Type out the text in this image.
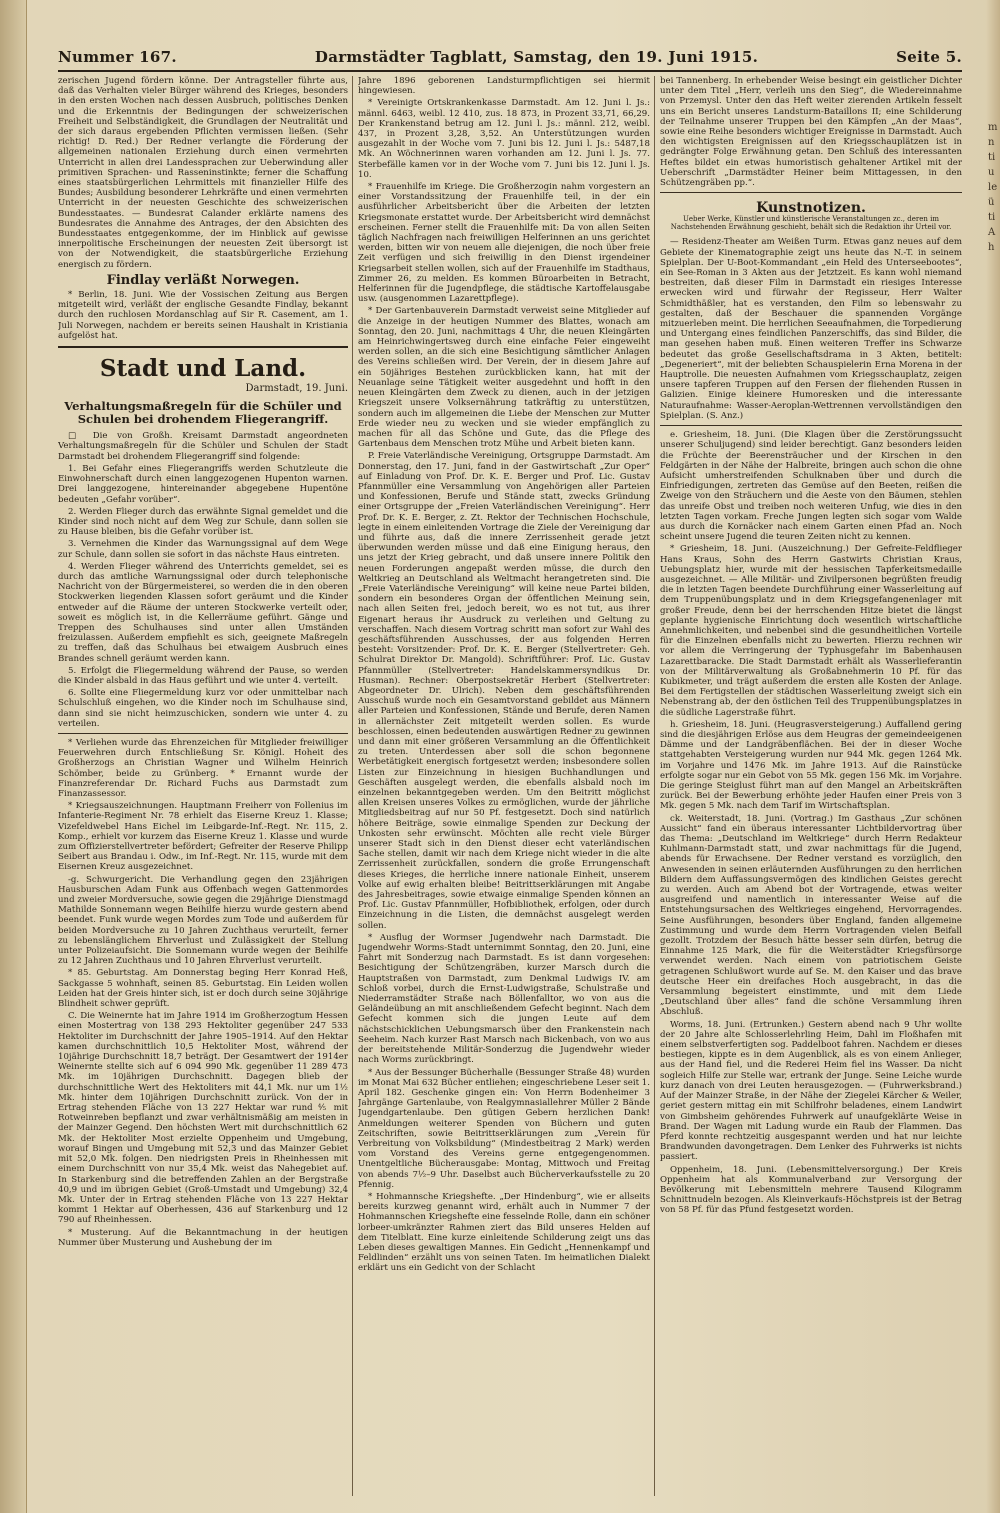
m
n
ti
u
le
ü
ti
A
h
Nummer 167.	Darmstädter Tagblatt, Samstag, den 19. Juni 1915.	Seite 5.

zerischen Jugend fördern könne. Der Antragsteller führte aus, daß das Verhalten vieler Bürger während des Krieges, besonders in den ersten Wochen nach dessen Ausbruch, politisches Denken und die Erkenntnis der Bedingungen der schweizerischen Freiheit und Selbständigkeit, die Grundlagen der Neutralität und der sich daraus ergebenden Pflichten vermissen ließen. (Sehr richtig! D. Red.) Der Redner verlangte die Förderung der allgemeinen nationalen Erziehung durch einen vermehrten Unterricht in allen drei Landessprachen zur Ueberwindung aller primitiven Sprachen- und Rasseninstinkte; ferner die Schaffung eines staatsbürgerlichen Lehrmittels mit finanzieller Hilfe des Bundes; Ausbildung besonderer Lehrkräfte und einen vermehrten Unterricht in der neuesten Geschichte des schweizerischen Bundesstaates. — Bundesrat Calander erklärte namens des Bundesrates die Annahme des Antrages, der den Absichten des Bundesstaates entgegenkomme, der im Hinblick auf gewisse innerpolitische Erscheinungen der neuesten Zeit übersorgt ist von der Notwendigkeit, die staatsbürgerliche Erziehung energisch zu fördern.

Findlay verläßt Norwegen.

* Berlin, 18. Juni. Wie der Vossischen Zeitung aus Bergen mitgeteilt wird, verläßt der englische Gesandte Findlay, bekannt durch den ruchlosen Mordanschlag auf Sir R. Casement, am 1. Juli Norwegen, nachdem er bereits seinen Haushalt in Kristiania aufgelöst hat.

Stadt und Land.
Darmstadt, 19. Juni.
Verhaltungsmaßregeln für die Schüler und Schulen bei drohendem Fliegerangriff.

□ Die von Großh. Kreisamt Darmstadt angeordneten Verhaltungsmaßregeln für die Schüler und Schulen der Stadt Darmstadt bei drohendem Fliegerangriff sind folgende:

1. Bei Gefahr eines Fliegerangriffs werden Schutzleute die Einwohnerschaft durch einen langgezogenen Hupenton warnen. Drei langgezogene, hintereinander abgegebene Hupentöne bedeuten „Gefahr vorüber“.

2. Werden Flieger durch das erwähnte Signal gemeldet und die Kinder sind noch nicht auf dem Weg zur Schule, dann sollen sie zu Hause bleiben, bis die Gefahr vorüber ist.

3. Vernehmen die Kinder das Warnungssignal auf dem Wege zur Schule, dann sollen sie sofort in das nächste Haus eintreten.

4. Werden Flieger während des Unterrichts gemeldet, sei es durch das amtliche Warnungssignal oder durch telephonische Nachricht von der Bürgermeisterei, so werden die in den oberen Stockwerken liegenden Klassen sofort geräumt und die Kinder entweder auf die Räume der unteren Stockwerke verteilt oder, soweit es möglich ist, in die Kellerräume geführt. Gänge und Treppen des Schulhauses sind unter allen Umständen freizulassen. Außerdem empfiehlt es sich, geeignete Maßregeln zu treffen, daß das Schulhaus bei etwaigem Ausbruch eines Brandes schnell geräumt werden kann.

5. Erfolgt die Fliegermeldung während der Pause, so werden die Kinder alsbald in das Haus geführt und wie unter 4. verteilt.

6. Sollte eine Fliegermeldung kurz vor oder unmittelbar nach Schulschluß eingehen, wo die Kinder noch im Schulhause sind, dann sind sie nicht heimzuschicken, sondern wie unter 4. zu verteilen.

* Verliehen wurde das Ehrenzeichen für Mitglieder freiwilliger Feuerwehren durch Entschließung Sr. Königl. Hoheit des Großherzogs an Christian Wagner und Wilhelm Heinrich Schömber, beide zu Grünberg. * Ernannt wurde der Finanzreferendar Dr. Richard Fuchs aus Darmstadt zum Finanzassessor.

* Kriegsauszeichnungen. Hauptmann Freiherr von Follenius im Infanterie-Regiment Nr. 78 erhielt das Eiserne Kreuz 1. Klasse; Vizefeldwebel Hans Eichel im Leibgarde-Inf.-Regt. Nr. 115, 2. Komp., erhielt vor kurzem das Eiserne Kreuz 1. Klasse und wurde zum Offizierstellvertreter befördert; Gefreiter der Reserve Philipp Seibert aus Brandau i. Odw., im Inf.-Regt. Nr. 115, wurde mit dem Eisernen Kreuz ausgezeichnet.

-g. Schwurgericht. Die Verhandlung gegen den 23jährigen Hausburschen Adam Funk aus Offenbach wegen Gattenmordes und zweier Mordversuche, sowie gegen die 29jährige Dienstmagd Mathilde Sonnemann wegen Beihilfe hierzu wurde gestern abend beendet. Funk wurde wegen Mordes zum Tode und außerdem für beiden Mordversuche zu 10 Jahren Zuchthaus verurteilt, ferner zu lebenslänglichem Ehrverlust und Zulässigkeit der Stellung unter Polizeiaufsicht. Die Sonnemann wurde wegen der Beihilfe zu 12 Jahren Zuchthaus und 10 Jahren Ehrverlust verurteilt.

* 85. Geburtstag. Am Donnerstag beging Herr Konrad Heß, Sackgasse 5 wohnhaft, seinen 85. Geburtstag. Ein Leiden wollen Leiden hat der Greis hinter sich, ist er doch durch seine 30jährige Blindheit schwer geprüft.

C. Die Weinernte hat im Jahre 1914 im Großherzogtum Hessen einen Mostertrag von 138 293 Hektoliter gegenüber 247 533 Hektoliter im Durchschnitt der Jahre 1905–1914. Auf den Hektar kamen durchschnittlich 10,5 Hektoliter Most, während der 10jährige Durchschnitt 18,7 beträgt. Der Gesamtwert der 1914er Weinernte stellte sich auf 6 094 990 Mk. gegenüber 11 289 473 Mk. im 10jährigen Durchschnitt. Dagegen blieb der durchschnittliche Wert des Hektoliters mit 44,1 Mk. nur um 1½ Mk. hinter dem 10jährigen Durchschnitt zurück. Von der in Ertrag stehenden Fläche von 13 227 Hektar war rund ⅘ mit Rotweinreben bepflanzt und zwar verhältnismäßig am meisten in der Mainzer Gegend. Den höchsten Wert mit durchschnittlich 62 Mk. der Hektoliter Most erzielte Oppenheim und Umgebung, worauf Bingen und Umgebung mit 52,3 und das Mainzer Gebiet mit 52,0 Mk. folgen. Den niedrigsten Preis in Rheinhessen mit einem Durchschnitt von nur 35,4 Mk. weist das Nahegebiet auf. In Starkenburg sind die betreffenden Zahlen an der Bergstraße 40,9 und im übrigen Gebiet (Groß-Umstadt und Umgebung) 32,4 Mk. Unter der in Ertrag stehenden Fläche von 13 227 Hektar kommt 1 Hektar auf Oberhessen, 436 auf Starkenburg und 12 790 auf Rheinhessen.

* Musterung. Auf die Bekanntmachung in der heutigen Nummer über Musterung und Aushebung der im

Jahre 1896 geborenen Landsturmpflichtigen sei hiermit hingewiesen.

* Vereinigte Ortskrankenkasse Darmstadt. Am 12. Juni l. Js.: männl. 6463, weibl. 12 410, zus. 18 873, in Prozent 33,71, 66,29. Der Krankenstand betrug am 12. Juni l. Js.: männl. 212, weibl. 437, in Prozent 3,28, 3,52. An Unterstützungen wurden ausgezahlt in der Woche vom 7. Juni bis 12. Juni l. Js.: 5487,18 Mk. An Wöchnerinnen waren vorhanden am 12. Juni l. Js. 77. Sterbefälle kamen vor in der Woche vom 7. Juni bis 12. Juni l. Js. 10.

* Frauenhilfe im Kriege. Die Großherzogin nahm vorgestern an einer Vorstandssitzung der Frauenhilfe teil, in der ein ausführlicher Arbeitsbericht über die Arbeiten der letzten Kriegsmonate erstattet wurde. Der Arbeitsbericht wird demnächst erscheinen. Ferner stellt die Frauenhilfe mit: Da von allen Seiten täglich Nachfragen nach freiwilligen Helferinnen an uns gerichtet werden, bitten wir von neuem alle diejenigen, die noch über freie Zeit verfügen und sich freiwillig in den Dienst irgendeiner Kriegsarbeit stellen wollen, sich auf der Frauenhilfe im Stadthaus, Zimmer 26, zu melden. Es kommen Büroarbeiten in Betracht, Helferinnen für die Jugendpflege, die städtische Kartoffelausgabe usw. (ausgenommen Lazarettpflege).

* Der Gartenbauverein Darmstadt verweist seine Mitglieder auf die Anzeige in der heutigen Nummer des Blattes, wonach am Sonntag, den 20. Juni, nachmittags 4 Uhr, die neuen Kleingärten am Heinrichwingertsweg durch eine einfache Feier eingeweiht werden sollen, an die sich eine Besichtigung sämtlicher Anlagen des Vereins schließen wird. Der Verein, der in diesem Jahre auf ein 50jähriges Bestehen zurückblicken kann, hat mit der Neuanlage seine Tätigkeit weiter ausgedehnt und hofft in den neuen Kleingärten dem Zweck zu dienen, auch in der jetzigen Kriegszeit unsere Volksernährung tatkräftig zu unterstützen, sondern auch im allgemeinen die Liebe der Menschen zur Mutter Erde wieder neu zu wecken und sie wieder empfänglich zu machen für all das Schöne und Gute, das die Pflege des Gartenbaus dem Menschen trotz Mühe und Arbeit bieten kann.

P. Freie Vaterländische Vereinigung, Ortsgruppe Darmstadt. Am Donnerstag, den 17. Juni, fand in der Gastwirtschaft „Zur Oper“ auf Einladung von Prof. Dr. K. E. Berger und Prof. Lic. Gustav Pfannmüller eine Versammlung von Angehörigen aller Parteien und Konfessionen, Berufe und Stände statt, zwecks Gründung einer Ortsgruppe der „Freien Vaterländischen Vereinigung“. Herr Prof. Dr. K. E. Berger, z. Zt. Rektor der Technischen Hochschule, legte in einem einleitenden Vortrage die Ziele der Vereinigung dar und führte aus, daß die innere Zerrissenheit gerade jetzt überwunden werden müsse und daß eine Einigung heraus, den uns jetzt der Krieg gebracht, und daß unsere innere Politik den neuen Forderungen angepaßt werden müsse, die durch den Weltkrieg an Deutschland als Weltmacht herangetreten sind. Die „Freie Vaterländische Vereinigung“ will keine neue Partei bilden, sondern ein besonderes Organ der öffentlichen Meinung sein, nach allen Seiten frei, jedoch bereit, wo es not tut, aus ihrer Eigenart heraus ihr Ausdruck zu verleihen und Geltung zu verschaffen. Nach diesem Vortrag schritt man sofort zur Wahl des geschäftsführenden Ausschusses, der aus folgenden Herren besteht: Vorsitzender: Prof. Dr. K. E. Berger (Stellvertreter: Geh. Schulrat Direktor Dr. Mangold). Schriftführer: Prof. Lic. Gustav Pfannmüller (Stellvertreter: Handelskammersyndikus Dr. Husman). Rechner: Oberpostsekretär Herbert (Stellvertreter: Abgeordneter Dr. Ulrich). Neben dem geschäftsführenden Ausschuß wurde noch ein Gesamtvorstand gebildet aus Männern aller Parteien und Konfessionen, Stände und Berufe, deren Namen in allernächster Zeit mitgeteilt werden sollen. Es wurde beschlossen, einen bedeutenden auswärtigen Redner zu gewinnen und dann mit einer größeren Versammlung an die Öffentlichkeit zu treten. Unterdessen aber soll die schon begonnene Werbetätigkeit energisch fortgesetzt werden; insbesondere sollen Listen zur Einzeichnung in hiesigen Buchhandlungen und Geschäften ausgelegt werden, die ebenfalls alsbald noch im einzelnen bekanntgegeben werden. Um den Beitritt möglichst allen Kreisen unseres Volkes zu ermöglichen, wurde der jährliche Mitgliedsbeitrag auf nur 50 Pf. festgesetzt. Doch sind natürlich höhere Beiträge, sowie einmalige Spenden zur Deckung der Unkosten sehr erwünscht. Möchten alle recht viele Bürger unserer Stadt sich in den Dienst dieser echt vaterländischen Sache stellen, damit wir nach dem Kriege nicht wieder in die alte Zerrissenheit zurückfallen, sondern die große Errungenschaft dieses Krieges, die herrliche innere nationale Einheit, unserem Volke auf ewig erhalten bleibe! Beitrittserklärungen mit Angabe des Jahresbeitrages, sowie etwaige einmalige Spenden können an Prof. Lic. Gustav Pfannmüller, Hofbibliothek, erfolgen, oder durch Einzeichnung in die Listen, die demnächst ausgelegt werden sollen.

* Ausflug der Wormser Jugendwehr nach Darmstadt. Die Jugendwehr Worms-Stadt unternimmt Sonntag, den 20. Juni, eine Fahrt mit Sonderzug nach Darmstadt. Es ist dann vorgesehen: Besichtigung der Schützengräben, kurzer Marsch durch die Hauptstraßen von Darmstadt, zum Denkmal Ludwigs IV. am Schloß vorbei, durch die Ernst-Ludwigstraße, Schulstraße und Niederramstädter Straße nach Böllenfalltor, wo von aus die Geländeübung an mit anschließendem Gefecht beginnt. Nach dem Gefecht kommen sich die jungen Leute auf dem nächstschicklichen Uebungsmarsch über den Frankenstein nach Seeheim. Nach kurzer Rast Marsch nach Bickenbach, von wo aus der bereitstehende Militär-Sonderzug die Jugendwehr wieder nach Worms zurückbringt.

* Aus der Bessunger Bücherhalle (Bessunger Straße 48) wurden im Monat Mai 632 Bücher entliehen; eingeschriebene Leser seit 1. April 182. Geschenke gingen ein: Von Herrn Bodenheimer 3 Jahrgänge Gartenlaube, von Realgymnasiallehrer Müller 2 Bände Jugendgartenlaube. Den gütigen Gebern herzlichen Dank! Anmeldungen weiterer Spenden von Büchern und guten Zeitschriften, sowie Beitrittserklärungen zum „Verein für Verbreitung von Volksbildung“ (Mindestbeitrag 2 Mark) werden vom Vorstand des Vereins gerne entgegengenommen. Unentgeltliche Bücherausgabe: Montag, Mittwoch und Freitag von abends 7½–9 Uhr. Daselbst auch Bücherverkaufsstelle zu 20 Pfennig.

* Hohmannsche Kriegshefte. „Der Hindenburg“, wie er allseits bereits kurzweg genannt wird, erhält auch in Nummer 7 der Hohmannschen Kriegshefte eine fesselnde Rolle, dann ein schöner lorbeer-umkränzter Rahmen ziert das Bild unseres Helden auf dem Titelblatt. Eine kurze einleitende Schilderung zeigt uns das Leben dieses gewaltigen Mannes. Ein Gedicht „Hennenkampf und Feldlinden“ erzählt uns von seinen Taten. Im heimatlichen Dialekt erklärt uns ein Gedicht von der Schlacht

bei Tannenberg. In erhebender Weise besingt ein geistlicher Dichter unter dem Titel „Herr, verleih uns den Sieg“, die Wiedereinnahme von Przemysl. Unter den das Heft weiter zierenden Artikeln fesselt uns ein Bericht unseres Landsturm-Bataillons II; eine Schilderung der Teilnahme unserer Truppen bei den Kämpfen „An der Maas“, sowie eine Reihe besonders wichtiger Ereignisse in Darmstadt. Auch den wichtigsten Ereignissen auf den Kriegsschauplätzen ist in gedrängter Folge Erwähnung getan. Den Schluß des interessanten Heftes bildet ein etwas humoristisch gehaltener Artikel mit der Ueberschrift „Darmstädter Heiner beim Mittagessen, in den Schützengräben pp.“.

Kunstnotizen.
Ueber Werke, Künstler und künstlerische Veranstaltungen zc., deren im Nachstehenden Erwähnung geschieht, behält sich die Redaktion ihr Urteil vor.

— Residenz-Theater am Weißen Turm. Etwas ganz neues auf dem Gebiete der Kinematographie zeigt uns heute das N.-T. in seinem Spielplan. Der U-Boot-Kommandant „ein Held des Unterseebootes“, ein See-Roman in 3 Akten aus der Jetztzeit. Es kann wohl niemand bestreiten, daß dieser Film in Darmstadt ein riesiges Interesse erwecken wird und fürwahr der Regisseur, Herr Walter Schmidthäßler, hat es verstanden, den Film so lebenswahr zu gestalten, daß der Beschauer die spannenden Vorgänge mitzuerleben meint. Die herrlichen Seeaufnahmen, die Torpedierung und Untergang eines feindlichen Panzerschiffs, das sind Bilder, die man gesehen haben muß. Einen weiteren Treffer ins Schwarze bedeutet das große Gesellschaftsdrama in 3 Akten, betitelt: „Degeneriert“, mit der beliebten Schauspielerin Erna Morena in der Hauptrolle. Die neuesten Aufnahmen vom Kriegsschauplatz, zeigen unsere tapferen Truppen auf den Fersen der fliehenden Russen in Galizien. Einige kleinere Humoresken und die interessante Naturaufnahme: Wasser-Aeroplan-Wettrennen vervollständigen den Spielplan. (S. Anz.)

e. Griesheim, 18. Juni. (Die Klagen über die Zerstörungssucht unserer Schuljugend) sind leider berechtigt. Ganz besonders leiden die Früchte der Beerensträucher und der Kirschen in den Feldgärten in der Nähe der Halbreite, bringen auch schon die ohne Aufsicht umherstreifenden Schulknaben über und durch die Einfriedigungen, zertreten das Gemüse auf den Beeten, reißen die Zweige von den Sträuchern und die Aeste von den Bäumen, stehlen das unreife Obst und treiben noch weiteren Unfug, wie dies in den letzten Tagen vorkam. Freche Jungen legten sich sogar vom Walde aus durch die Kornäcker nach einem Garten einen Pfad an. Noch scheint unsere Jugend die teuren Zeiten nicht zu kennen.

* Griesheim, 18. Juni. (Auszeichnung.) Der Gefreite-Feldflieger Hans Kraus, Sohn des Herrn Gastwirts Christian Kraus, Uebungsplatz hier, wurde mit der hessischen Tapferkeitsmedaille ausgezeichnet. — Alle Militär- und Zivilpersonen begrüßten freudig die in letzten Tagen beendete Durchführung einer Wasserleitung auf dem Truppenübungsplatz und in dem Kriegsgefangenenlager mit großer Freude, denn bei der herrschenden Hitze bietet die längst geplante hygienische Einrichtung doch wesentlich wirtschaftliche Annehmlichkeiten, und nebenbei sind die gesundheitlichen Vorteile für die Einzelnen ebenfalls nicht zu bewerten. Hierzu rechnen wir vor allem die Verringerung der Typhusgefahr im Babenhausen Lazarettbaracke. Die Stadt Darmstadt erhält als Wasserlieferantin von der Militärverwaltung als Großabnehmerin 10 Pf. für das Kubikmeter, und trägt außerdem die ersten alle Kosten der Anlage. Bei dem Fertigstellen der städtischen Wasserleitung zweigt sich ein Nebenstrang ab, der den östlichen Teil des Truppenübungsplatzes in die südliche Lagerstraße führt.

h. Griesheim, 18. Juni. (Heugrasversteigerung.) Auffallend gering sind die diesjährigen Erlöse aus dem Heugras der gemeindeeigenen Dämme und der Landgräbenflächen. Bei der in dieser Woche stattgehabten Versteigerung wurden nur 944 Mk. gegen 1264 Mk. im Vorjahre und 1476 Mk. im Jahre 1913. Auf die Rainstücke erfolgte sogar nur ein Gebot von 55 Mk. gegen 156 Mk. im Vorjahre. Die geringe Steiglust führt man auf den Mangel an Arbeitskräften zurück. Bei der Bewerbung erhöhte jeder Haufen einer Preis von 3 Mk. gegen 5 Mk. nach dem Tarif im Wirtschaftsplan.

ck. Weiterstadt, 18. Juni. (Vortrag.) Im Gasthaus „Zur schönen Aussicht“ fand ein überaus interessanter Lichtbildervortrag über das Thema: „Deutschland im Weltkriege“ durch Herrn Redakteur Kuhlmann-Darmstadt statt, und zwar nachmittags für die Jugend, abends für Erwachsene. Der Redner verstand es vorzüglich, den Anwesenden in seinen erläuternden Ausführungen zu den herrlichen Bildern dem Auffassungsvermögen des kindlichen Geistes gerecht zu werden. Auch am Abend bot der Vortragende, etwas weiter ausgreifend und namentlich in interessanter Weise auf die Entstehungsursachen des Weltkrieges eingehend, Hervorragendes. Seine Ausführungen, besonders über England, fanden allgemeine Zustimmung und wurde dem Herrn Vortragenden vielen Beifall gezollt. Trotzdem der Besuch hätte besser sein dürfen, betrug die Einnahme 125 Mark, die für die Weiterstädter Kriegsfürsorge verwendet werden. Nach einem von patriotischem Geiste getragenen Schlußwort wurde auf Se. M. den Kaiser und das brave deutsche Heer ein dreifaches Hoch ausgebracht, in das die Versammlung begeistert einstimmte, und mit dem Liede „Deutschland über alles“ fand die schöne Versammlung ihren Abschluß.

Worms, 18. Juni. (Ertrunken.) Gestern abend nach 9 Uhr wollte der 20 Jahre alte Schlosserlehrling Heim, Dahl im Floßhafen mit einem selbstverfertigten sog. Paddelboot fahren. Nachdem er dieses bestiegen, kippte es in dem Augenblick, als es von einem Anlieger, aus der Hand fiel, und die Rederei Heim fiel ins Wasser. Da nicht sogleich Hilfe zur Stelle war, ertrank der Junge. Seine Leiche wurde kurz danach von drei Leuten herausgezogen. — (Fuhrwerksbrand.) Auf der Mainzer Straße, in der Nähe der Ziegelei Kärcher & Weiler, geriet gestern mittag ein mit Schilfrohr beladenes, einem Landwirt von Gimbsheim gehörendes Fuhrwerk auf unaufgeklärte Weise in Brand. Der Wagen mit Ladung wurde ein Raub der Flammen. Das Pferd konnte rechtzeitig ausgespannt werden und hat nur leichte Brandwunden davongetragen. Dem Lenker des Fuhrwerks ist nichts passiert.

Oppenheim, 18. Juni. (Lebensmittelversorgung.) Der Kreis Oppenheim hat als Kommunalverband zur Versorgung der Bevölkerung mit Lebensmitteln mehrere Tausend Kilogramm Schnittnudeln bezogen. Als Kleinverkaufs-Höchstpreis ist der Betrag von 58 Pf. für das Pfund festgesetzt worden.
